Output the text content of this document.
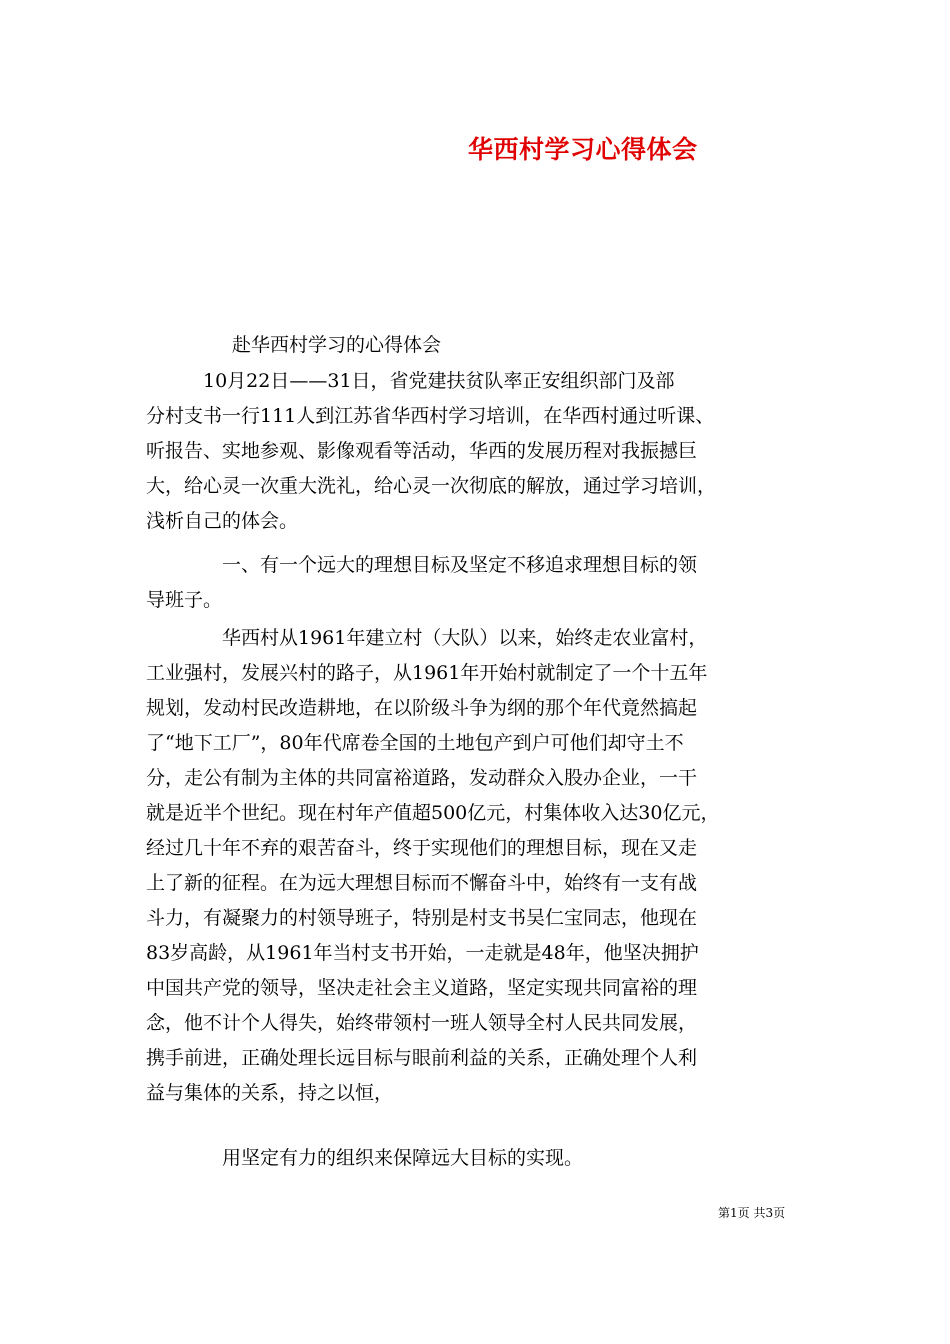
华西村学习心得体会
赴华西村学习的心得体会
　　　10月22日——31日，省党建扶贫队率正安组织部门及部
分村支书一行111人到江苏省华西村学习培训，在华西村通过听课、
听报告、实地参观、影像观看等活动，华西的发展历程对我振撼巨
大，给心灵一次重大洗礼，给心灵一次彻底的解放，通过学习培训，
浅析自己的体会。
　　　　一、有一个远大的理想目标及坚定不移追求理想目标的领
导班子。
　　　　华西村从1961年建立村（大队）以来，始终走农业富村，
工业强村，发展兴村的路子，从1961年开始村就制定了一个十五年
规划，发动村民改造耕地，在以阶级斗争为纲的那个年代竟然搞起
了“地下工厂”，80年代席卷全国的土地包产到户可他们却守土不
分，走公有制为主体的共同富裕道路，发动群众入股办企业，一干
就是近半个世纪。现在村年产值超500亿元，村集体收入达30亿元，
经过几十年不弃的艰苦奋斗，终于实现他们的理想目标，现在又走
上了新的征程。在为远大理想目标而不懈奋斗中，始终有一支有战
斗力，有凝聚力的村领导班子，特别是村支书吴仁宝同志，他现在
83岁高龄，从1961年当村支书开始，一走就是48年，他坚决拥护
中国共产党的领导，坚决走社会主义道路，坚定实现共同富裕的理
念，他不计个人得失，始终带领村一班人领导全村人民共同发展，
携手前进，正确处理长远目标与眼前利益的关系，正确处理个人利
益与集体的关系，持之以恒，
　　　　用坚定有力的组织来保障远大目标的实现。
第1页 共3页
